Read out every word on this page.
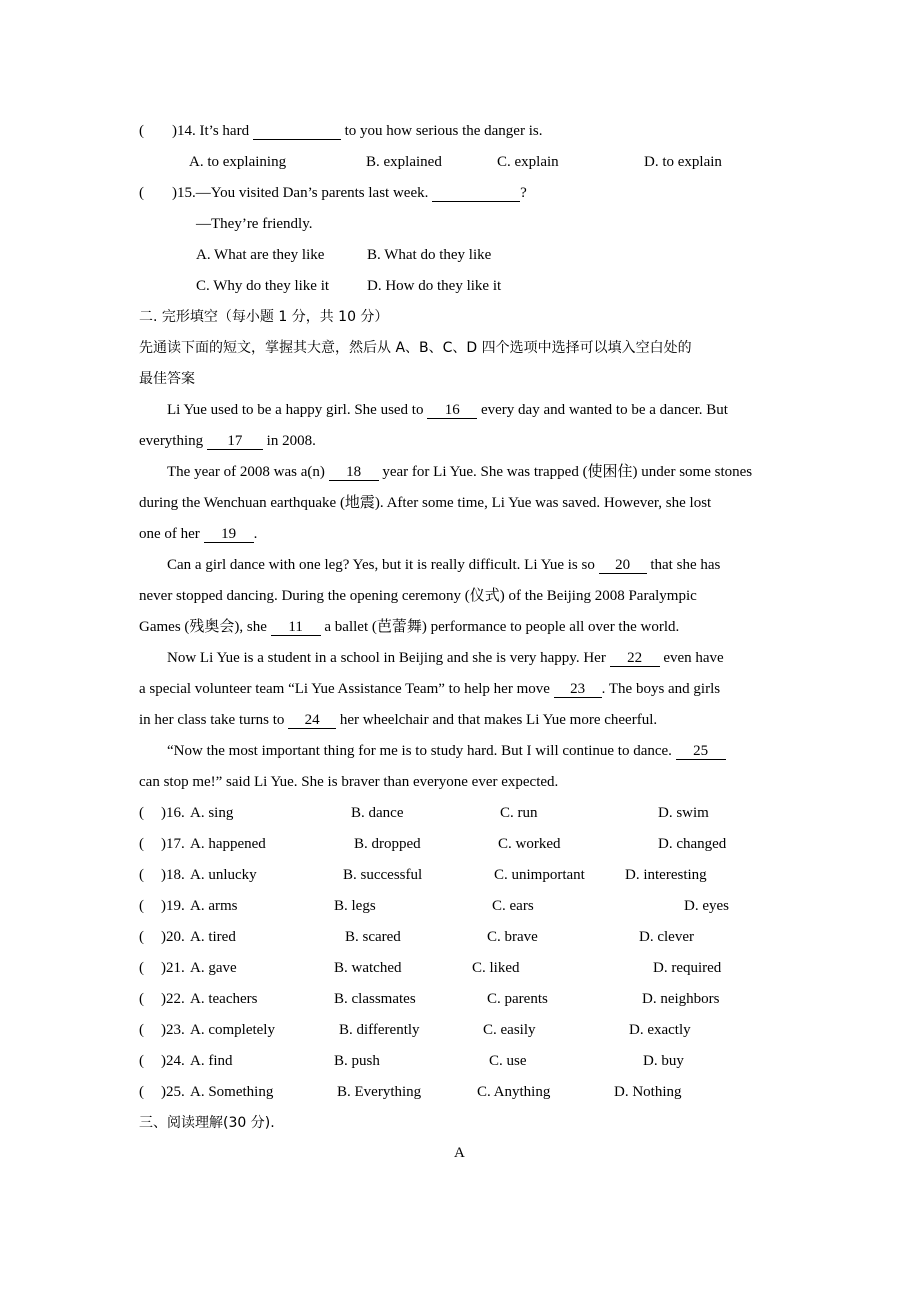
( )14. It’s hard	to you how serious the danger is.
A. to explaining	B. explained	C. explain	D. to explain
( )15.—You visited Dan’s parents last week.	?
—They’re friendly.
A. What are they like	B. What do they like
C. Why do they like it	D. How do they like it
二. 完形填空（每小题 1 分，共 10 分）
先通读下面的短文，掌握其大意，然后从 A、B、C、D 四个选项中选择可以填入空白处的
最佳答案
Li Yue used to be a happy girl. She used to 16 every day and wanted to be a dancer. But
everything 17 in 2008.
The year of 2008 was a(n) 18 year for Li Yue. She was trapped (使困住) under some stones
during the Wenchuan earthquake (地震). After some time, Li Yue was saved. However, she lost
one of her 19 .
Can a girl dance with one leg? Yes, but it is really difficult. Li Yue is so 20 that she has
never stopped dancing. During the opening ceremony (仪式) of the Beijing 2008 Paralympic
Games (残奥会), she 11 a ballet (芭蕾舞) performance to people all over the world.
Now Li Yue is a student in a school in Beijing and she is very happy. Her 22 even have
a special volunteer team “Li Yue Assistance Team” to help her move 23 . The boys and girls
in her class take turns to 24 her wheelchair and that makes Li Yue more cheerful.
“Now the most important thing for me is to study hard. But I will continue to dance. 25
can stop me!” said Li Yue. She is braver than everyone ever expected.
( )16. A. sing	B. dance	C. run	D. swim
( )17. A. happened	B. dropped	C. worked	D. changed
( )18. A. unlucky	B. successful	C. unimportant	D. interesting
( )19. A. arms	B. legs	C. ears	D. eyes
( )20. A. tired	B. scared	C. brave	D. clever
( )21. A. gave	B. watched	C. liked	D. required
( )22. A. teachers	B. classmates	C. parents	D. neighbors
( )23. A. completely	B. differently	C. easily	D. exactly
( )24. A. find	B. push	C. use	D. buy
( )25. A. Something	B. Everything	C. Anything	D. Nothing
三、阅读理解(30 分).
A
